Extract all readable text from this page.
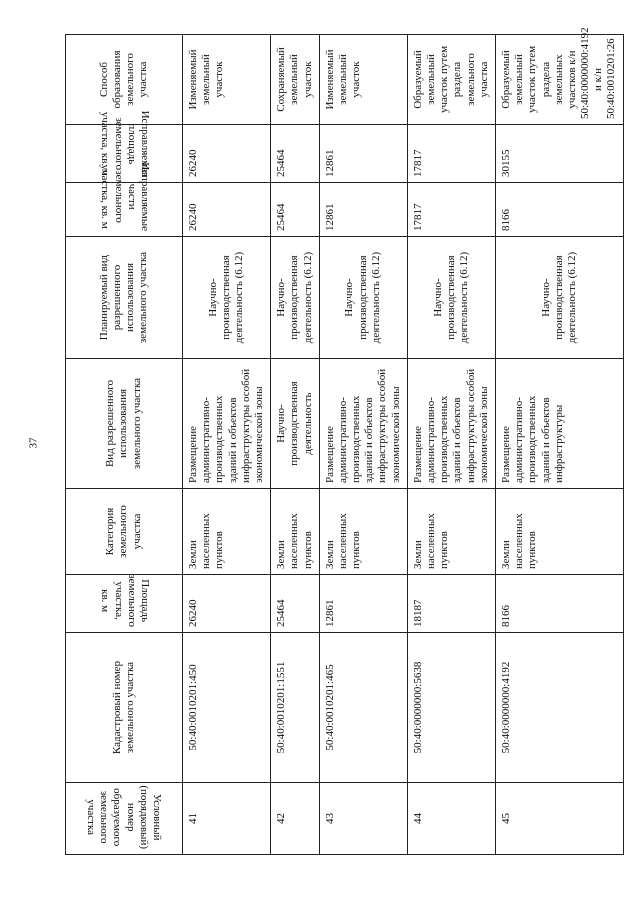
37
Условный (порядковый) номер образуемого земельного участка	Кадастровый номер земельного участка	Площадь земельного участка, кв. м	Категория земельного участка	Вид разрешенного использования земельного участка	Планируемый вид разрешенного использования земельного участка	Исправляемые части земельного участка, кв. м	Исправляемая площадь земельного участка, кв. м	Способ образования земельного участка
41	50:40:0010201:450	26240	Земли населенных пунктов	Размещение административно-производственных зданий и объектов инфраструктуры особой экономической зоны	Научно-производственная деятельность (6.12)	26240	26240	Изменяемый земельный участок
42	50:40:0010201:1551	25464	Земли населенных пунктов	Научно-производственная деятельность	Научно-производственная деятельность (6.12)	25464	25464	Сохраняемый земельный участок
43	50:40:0010201:465	12861	Земли населенных пунктов	Размещение административно-производственных зданий и объектов инфраструктуры особой экономической зоны	Научно-производственная деятельность (6.12)	12861	12861	Изменяемый земельный участок
44	50:40:0000000:5638	18187	Земли населенных пунктов	Размещение административно-производственных зданий и объектов инфраструктуры особой экономической зоны	Научно-производственная деятельность (6.12)	17817	17817	Образуемый земельный участок путем раздела земельного участка
45	50:40:0000000:4192	8166	Земли населенных пунктов	Размещение административно-производственных зданий и объектов инфраструктуры	Научно-производственная деятельность (6.12)	8166	30155	Образуемый земельный участок путем раздела земельных участков к/н 50:40:0000000:4192 и к/н 50:40:0010201:26
